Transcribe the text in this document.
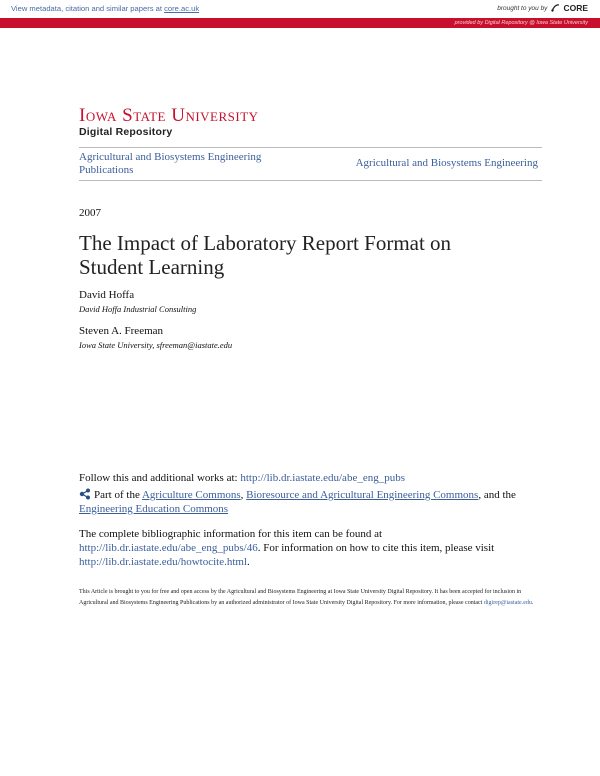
View metadata, citation and similar papers at core.ac.uk	brought to you by CORE
provided by Digital Repository @ Iowa State University
Iowa State University
Digital Repository
Agricultural and Biosystems Engineering Publications
Agricultural and Biosystems Engineering
2007
The Impact of Laboratory Report Format on Student Learning
David Hoffa
David Hoffa Industrial Consulting
Steven A. Freeman
Iowa State University, sfreeman@iastate.edu
Follow this and additional works at: http://lib.dr.iastate.edu/abe_eng_pubs
Part of the Agriculture Commons, Bioresource and Agricultural Engineering Commons, and the Engineering Education Commons
The complete bibliographic information for this item can be found at http://lib.dr.iastate.edu/abe_eng_pubs/46. For information on how to cite this item, please visit http://lib.dr.iastate.edu/howtocite.html.
This Article is brought to you for free and open access by the Agricultural and Biosystems Engineering at Iowa State University Digital Repository. It has been accepted for inclusion in Agricultural and Biosystems Engineering Publications by an authorized administrator of Iowa State University Digital Repository. For more information, please contact digirep@iastate.edu.
